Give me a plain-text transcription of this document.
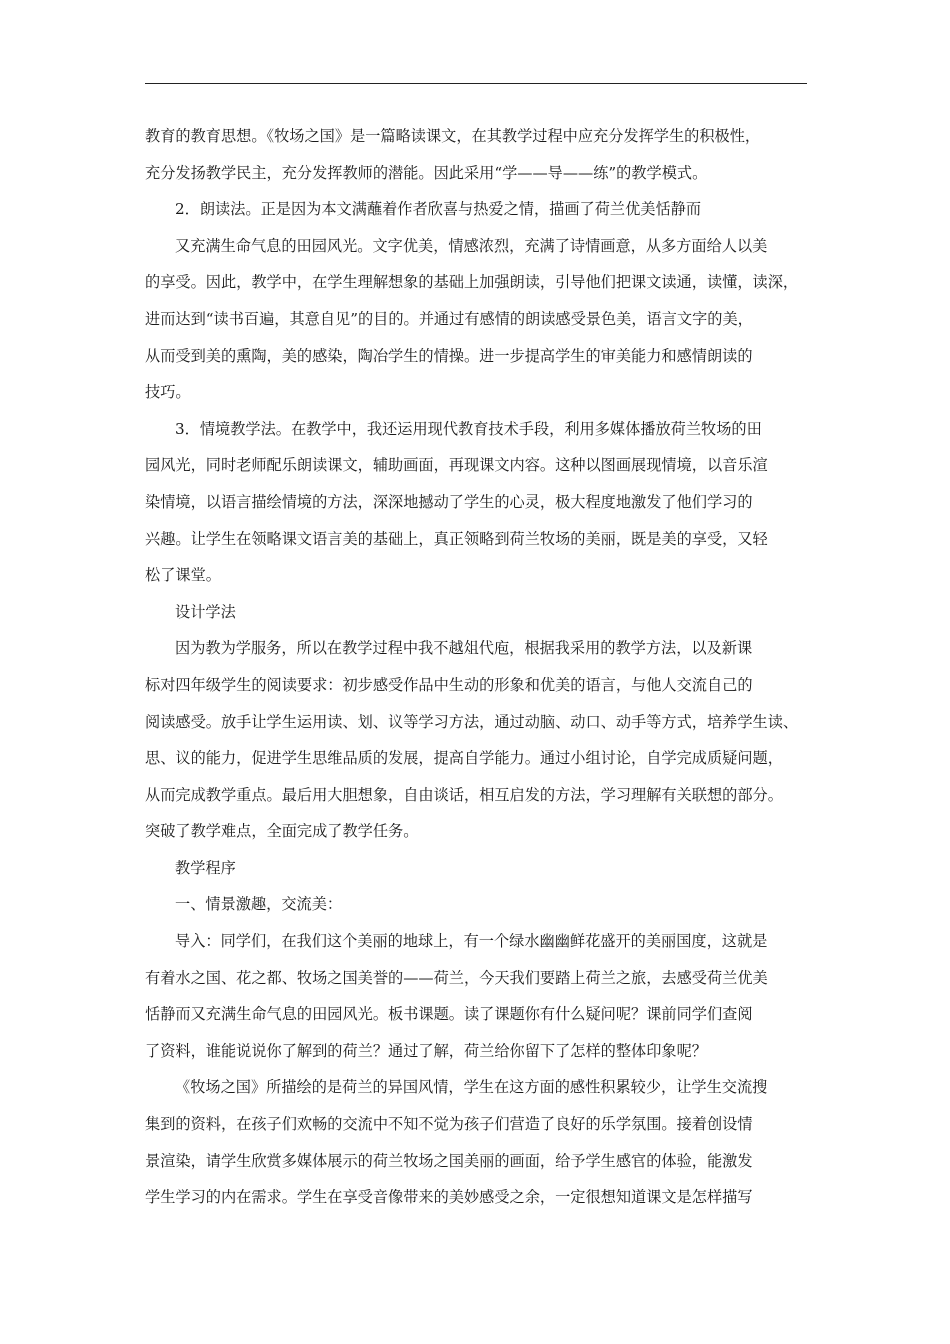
教育的教育思想。《牧场之国》是一篇略读课文，在其教学过程中应充分发挥学生的积极性，
充分发扬教学民主，充分发挥教师的潜能。因此采用“学——导——练”的教学模式。
2．朗读法。正是因为本文满蘸着作者欣喜与热爱之情，描画了荷兰优美恬静而
又充满生命气息的田园风光。文字优美，情感浓烈，充满了诗情画意，从多方面给人以美
的享受。因此，教学中，在学生理解想象的基础上加强朗读，引导他们把课文读通，读懂，读深，
进而达到“读书百遍，其意自见”的目的。并通过有感情的朗读感受景色美，语言文字的美，
从而受到美的熏陶，美的感染，陶冶学生的情操。进一步提高学生的审美能力和感情朗读的
技巧。
3．情境教学法。在教学中，我还运用现代教育技术手段，利用多媒体播放荷兰牧场的田
园风光，同时老师配乐朗读课文，辅助画面，再现课文内容。这种以图画展现情境，以音乐渲
染情境，以语言描绘情境的方法，深深地撼动了学生的心灵，极大程度地激发了他们学习的
兴趣。让学生在领略课文语言美的基础上，真正领略到荷兰牧场的美丽，既是美的享受，又轻
松了课堂。
设计学法
因为教为学服务，所以在教学过程中我不越俎代庖，根据我采用的教学方法，以及新课
标对四年级学生的阅读要求：初步感受作品中生动的形象和优美的语言，与他人交流自己的
阅读感受。放手让学生运用读、划、议等学习方法，通过动脑、动口、动手等方式，培养学生读、
思、议的能力，促进学生思维品质的发展，提高自学能力。通过小组讨论，自学完成质疑问题，
从而完成教学重点。最后用大胆想象，自由谈话，相互启发的方法，学习理解有关联想的部分。
突破了教学难点，全面完成了教学任务。
教学程序
一、情景激趣，交流美：
导入：同学们，在我们这个美丽的地球上，有一个绿水幽幽鲜花盛开的美丽国度，这就是
有着水之国、花之都、牧场之国美誉的——荷兰，今天我们要踏上荷兰之旅，去感受荷兰优美
恬静而又充满生命气息的田园风光。板书课题。读了课题你有什么疑问呢？课前同学们查阅
了资料，谁能说说你了解到的荷兰？通过了解，荷兰给你留下了怎样的整体印象呢？
《牧场之国》所描绘的是荷兰的异国风情，学生在这方面的感性积累较少，让学生交流搜
集到的资料，在孩子们欢畅的交流中不知不觉为孩子们营造了良好的乐学氛围。接着创设情
景渲染，请学生欣赏多媒体展示的荷兰牧场之国美丽的画面，给予学生感官的体验，能激发
学生学习的内在需求。学生在享受音像带来的美妙感受之余，一定很想知道课文是怎样描写
